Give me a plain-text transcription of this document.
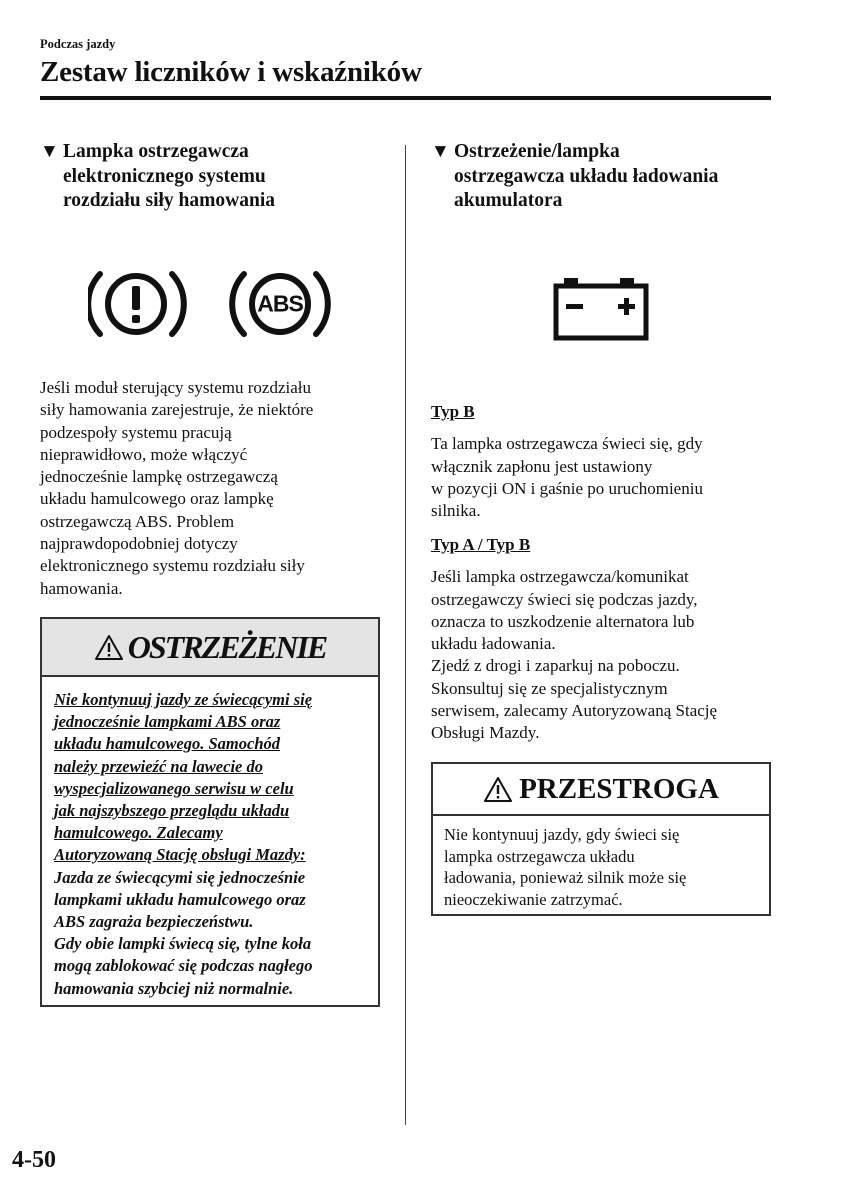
Podczas jazdy
Zestaw liczników i wskaźników
▼ Lampka ostrzegawcza
elektronicznego systemu
rozdziału siły hamowania
ABS
Jeśli moduł sterujący systemu rozdziału
siły hamowania zarejestruje, że niektóre
podzespoły systemu pracują
nieprawidłowo, może włączyć
jednocześnie lampkę ostrzegawczą
układu hamulcowego oraz lampkę
ostrzegawczą ABS. Problem
najprawdopodobniej dotyczy
elektronicznego systemu rozdziału siły
hamowania.
OSTRZEŻENIE
Nie kontynuuj jazdy ze świecącymi się
jednocześnie lampkami ABS oraz
układu hamulcowego. Samochód
należy przewieźć na lawecie do
wyspecjalizowanego serwisu w celu
jak najszybszego przeglądu układu
hamulcowego. Zalecamy
Autoryzowaną Stację obsługi Mazdy:
Jazda ze świecącymi się jednocześnie
lampkami układu hamulcowego oraz
ABS zagraża bezpieczeństwu.
Gdy obie lampki świecą się, tylne koła
mogą zablokować się podczas nagłego
hamowania szybciej niż normalnie.
▼ Ostrzeżenie/lampka
ostrzegawcza układu ładowania
akumulatora
Typ B
Ta lampka ostrzegawcza świeci się, gdy
włącznik zapłonu jest ustawiony
w pozycji ON i gaśnie po uruchomieniu
silnika.
Typ A / Typ B
Jeśli lampka ostrzegawcza/komunikat
ostrzegawczy świeci się podczas jazdy,
oznacza to uszkodzenie alternatora lub
układu ładowania.
Zjedź z drogi i zaparkuj na poboczu.
Skonsultuj się ze specjalistycznym
serwisem, zalecamy Autoryzowaną Stację
Obsługi Mazdy.
PRZESTROGA
Nie kontynuuj jazdy, gdy świeci się
lampka ostrzegawcza układu
ładowania, ponieważ silnik może się
nieoczekiwanie zatrzymać.
4-50
